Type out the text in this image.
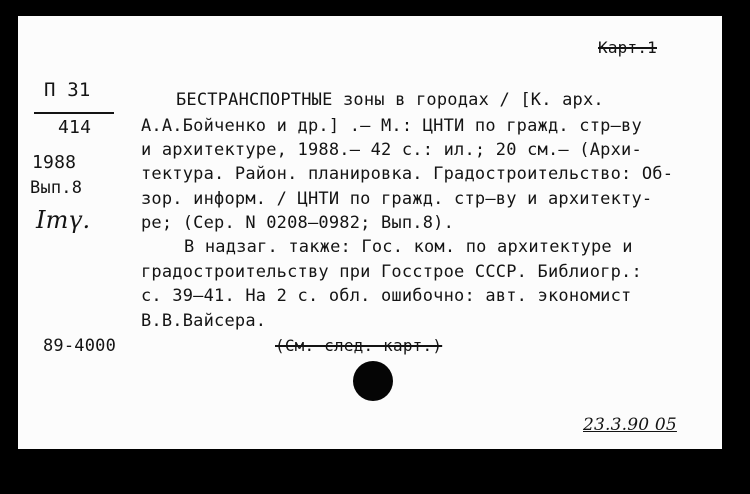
Карт.1
П 31
414
1988
Вып.8
Ітү.
БЕСТРАНСПОРТНЫЕ зоны в городах / [К. арх.
А.А.Бойченко и др.] .– М.: ЦНТИ по гражд. стр–ву
и архитектуре, 1988.– 42 с.: ил.; 20 см.– (Архи-
тектура. Район. планировка. Градостроительство: Об-
зор. информ. / ЦНТИ по гражд. стр–ву и архитекту-
ре; (Сер. N 0208–0982; Вып.8).
В надзаг. также: Гос. ком. по архитектуре и
градостроительству при Госстрое СССР. Библиогр.:
с. 39–41. На 2 с. обл. ошибочно: авт. экономист
В.В.Вайсера.
89-4000	(См. след. карт.)
23.3.90 05
